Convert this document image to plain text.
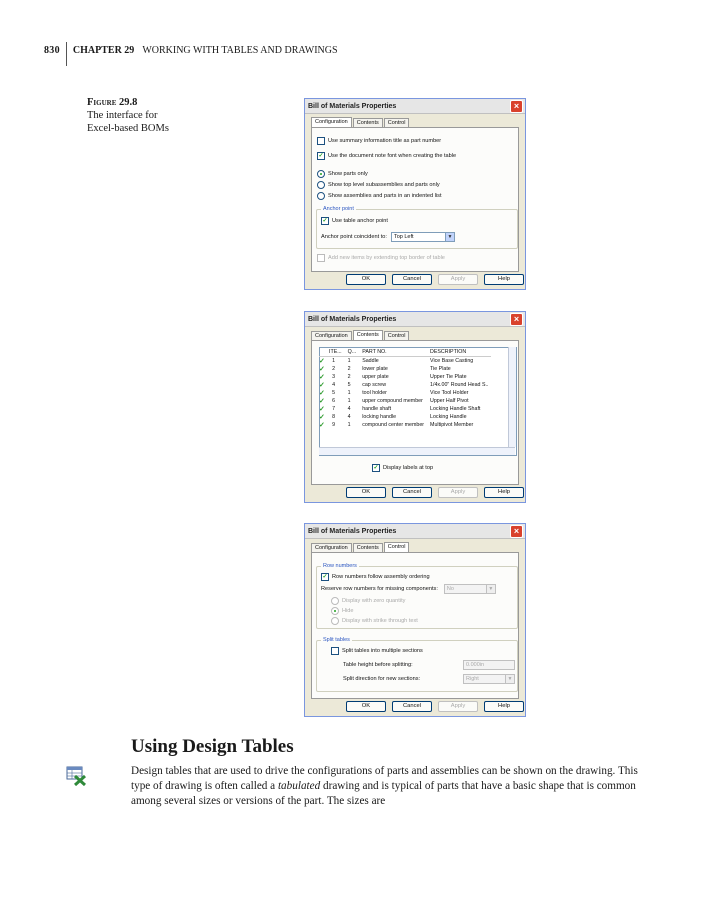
830 CHAPTER 29 WORKING WITH TABLES AND DRAWINGS
Figure 29.8
The interface for
Excel-based BOMs
Bill of Materials Properties	×
Configuration	Contents	Control
Use summary information title as part number
✓ Use the document note font when creating the table
Show parts only
Show top level subassemblies and parts only
Show assemblies and parts in an indented list
Anchor point
✓ Use table anchor point
Anchor point coincident to: Top Left	▼
Add new items by extending top border of table
OK	Cancel	Apply	Help
Bill of Materials Properties	×
Configuration	Contents	Control
ITE...		Q...	PART NO.	DESCRIPTION
✓	1	1	Saddle	Vice Base Casting
✓	2	2	lower plate	Tie Plate
✓	3	2	upper plate	Upper Tie Plate
✓	4	5	cap screw	1/4x.00" Round Head S..
✓	5	1	tool holder	Vice Tool Holder
✓	6	1	upper compound member	Upper Half Pivot
✓	7	4	handle shaft	Locking Handle Shaft
✓	8	4	locking handle	Locking Handle
✓	9	1	compound center member	Multipivot Member
✓ Display labels at top
OK	Cancel	Apply	Help
Bill of Materials Properties	×
Configuration	Contents	Control
Row numbers
✓ Row numbers follow assembly ordering
Reserve row numbers for missing components: No	▼
Display with zero quantity
Hide
Display with strike through text
Split tables
Split tables into multiple sections
Table height before splitting:	0.000in
Split direction for new sections:	Right	▼
OK	Cancel	Apply	Help
Using Design Tables
Design tables that are used to drive the configurations of parts and assemblies can be shown on the drawing. This type of drawing is often called a tabulated drawing and is typical of parts that have a basic shape that is common among several sizes or versions of the part. The sizes are
